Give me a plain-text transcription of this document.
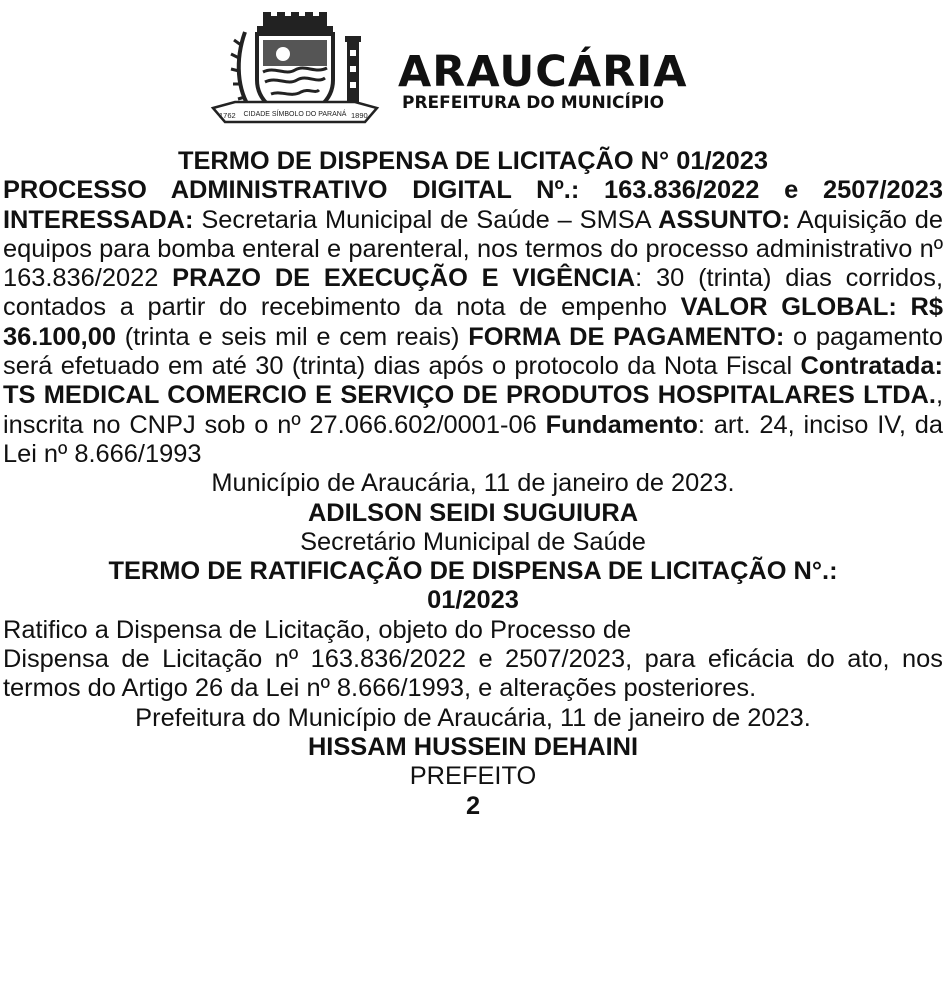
1762 CIDADE SÍMBOLO DO PARANÁ 1890

ARAUCÁRIA

PREFEITURA DO MUNICÍPIO

TERMO DE DISPENSA DE LICITAÇÃO N° 01/2023

PROCESSO ADMINISTRATIVO DIGITAL Nº.: 163.836/2022 e 2507/2023 INTERESSADA: Secretaria Municipal de Saúde – SMSA ASSUNTO: Aquisição de equipos para bomba enteral e parenteral, nos termos do processo administrativo nº 163.836/2022 PRAZO DE EXECUÇÃO E VIGÊNCIA: 30 (trinta) dias corridos, contados a partir do recebimento da nota de empenho VALOR GLOBAL: R$ 36.100,00 (trinta e seis mil e cem reais) FORMA DE PAGAMENTO: o pagamento será efetuado em até 30 (trinta) dias após o protocolo da Nota Fiscal Contratada: TS MEDICAL COMERCIO E SERVIÇO DE PRODUTOS HOSPITALARES LTDA., inscrita no CNPJ sob o nº 27.066.602/0001-06 Fundamento: art. 24, inciso IV, da Lei nº 8.666/1993

Município de Araucária, 11 de janeiro de 2023.

ADILSON SEIDI SUGUIURA

Secretário Municipal de Saúde

TERMO DE RATIFICAÇÃO DE DISPENSA DE LICITAÇÃO N°.:

01/2023

Ratifico a Dispensa de Licitação, objeto do Processo de

Dispensa de Licitação nº 163.836/2022 e 2507/2023, para eficácia do ato, nos termos do Artigo 26 da Lei nº 8.666/1993, e alterações posteriores.

Prefeitura do Município de Araucária, 11 de janeiro de 2023.

HISSAM HUSSEIN DEHAINI

PREFEITO

2
